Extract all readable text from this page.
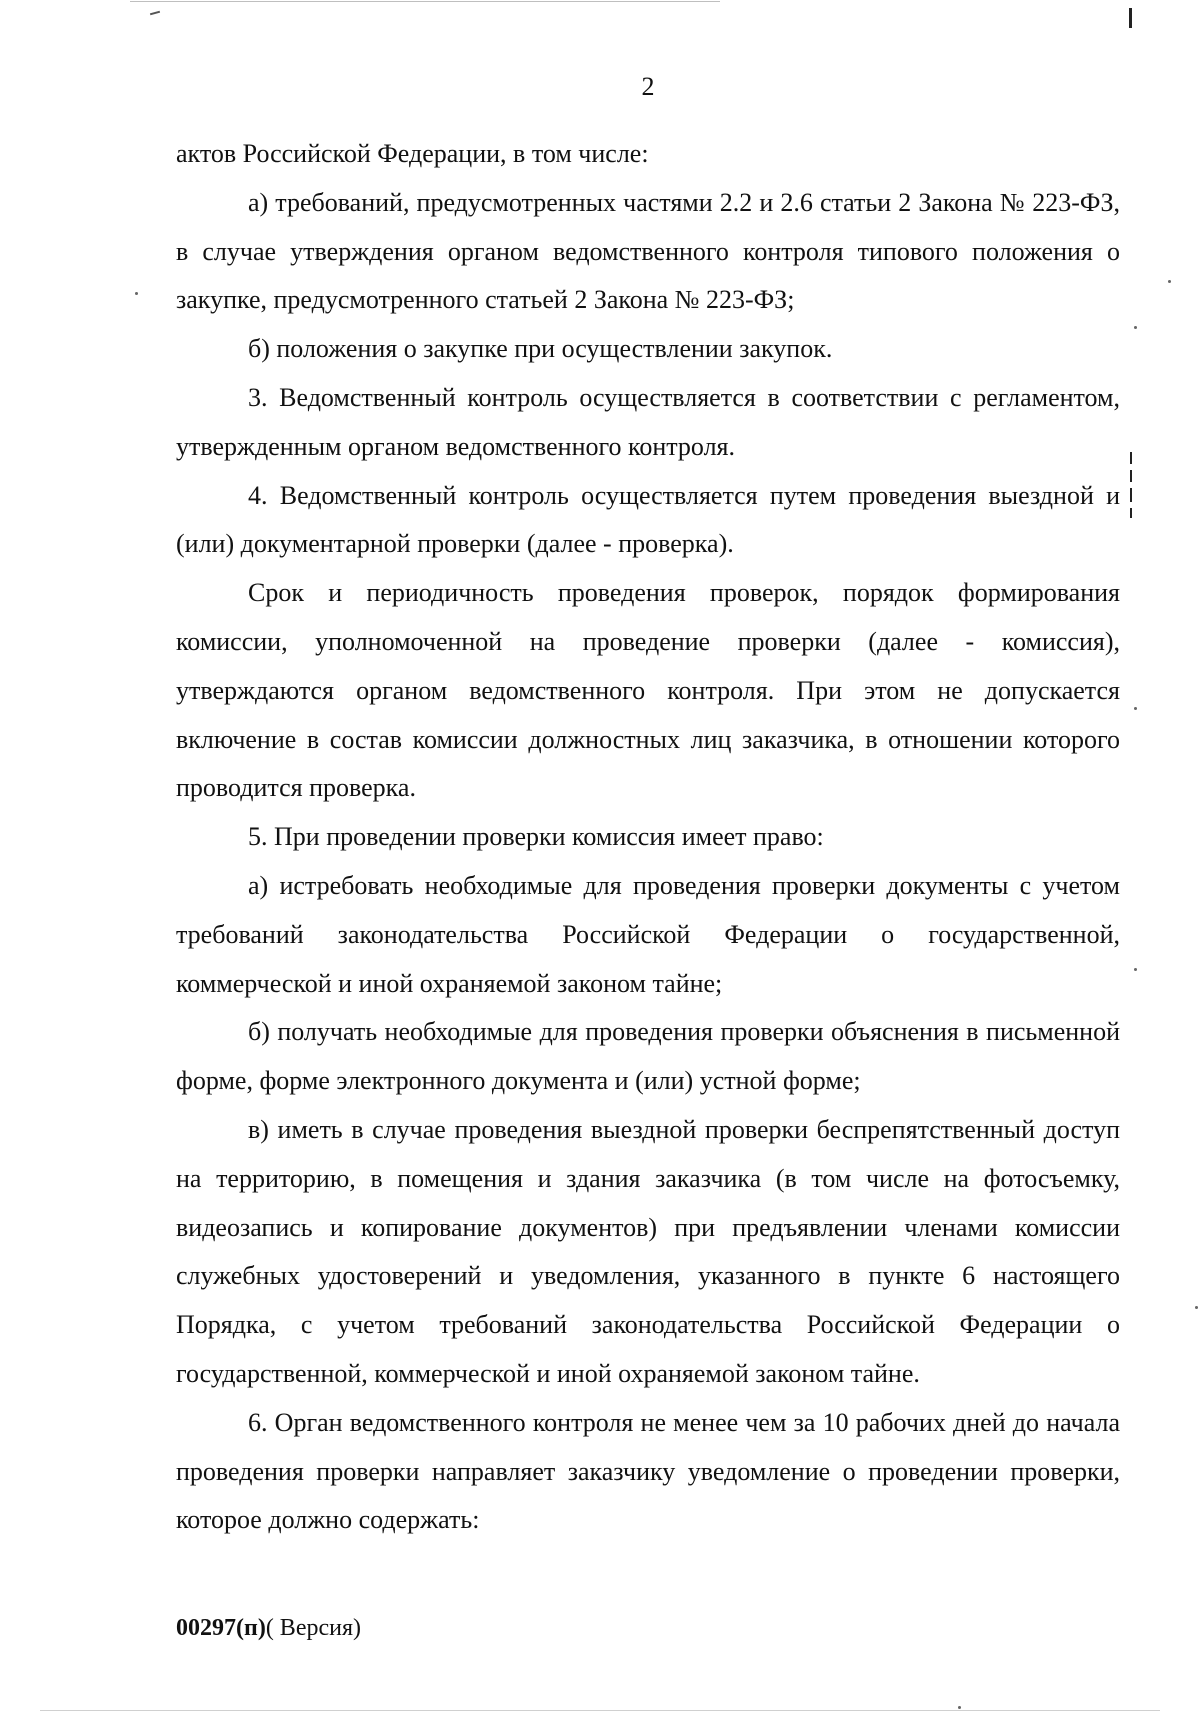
2

актов Российской Федерации, в том числе:

а) требований, предусмотренных частями 2.2 и 2.6 статьи 2 Закона № 223-ФЗ, в случае утверждения органом ведомственного контроля типового положения о закупке, предусмотренного статьей 2 Закона № 223-ФЗ;

б) положения о закупке при осуществлении закупок.

3. Ведомственный контроль осуществляется в соответствии с регламентом, утвержденным органом ведомственного контроля.

4. Ведомственный контроль осуществляется путем проведения выездной и (или) документарной проверки (далее - проверка).

Срок и периодичность проведения проверок, порядок формирования комиссии, уполномоченной на проведение проверки (далее - комиссия), утверждаются органом ведомственного контроля. При этом не допускается включение в состав комиссии должностных лиц заказчика, в отношении которого проводится проверка.

5. При проведении проверки комиссия имеет право:

а) истребовать необходимые для проведения проверки документы с учетом требований законодательства Российской Федерации о государственной, коммерческой и иной охраняемой законом тайне;

б) получать необходимые для проведения проверки объяснения в письменной форме, форме электронного документа и (или) устной форме;

в) иметь в случае проведения выездной проверки беспрепятственный доступ на территорию, в помещения и здания заказчика (в том числе на фотосъемку, видеозапись и копирование документов) при предъявлении членами комиссии служебных удостоверений и уведомления, указанного в пункте 6 настоящего Порядка, с учетом требований законодательства Российской Федерации о государственной, коммерческой и иной охраняемой законом тайне.

6. Орган ведомственного контроля не менее чем за 10 рабочих дней до начала проведения проверки направляет заказчику уведомление о проведении проверки, которое должно содержать:

00297(п)( Версия)
